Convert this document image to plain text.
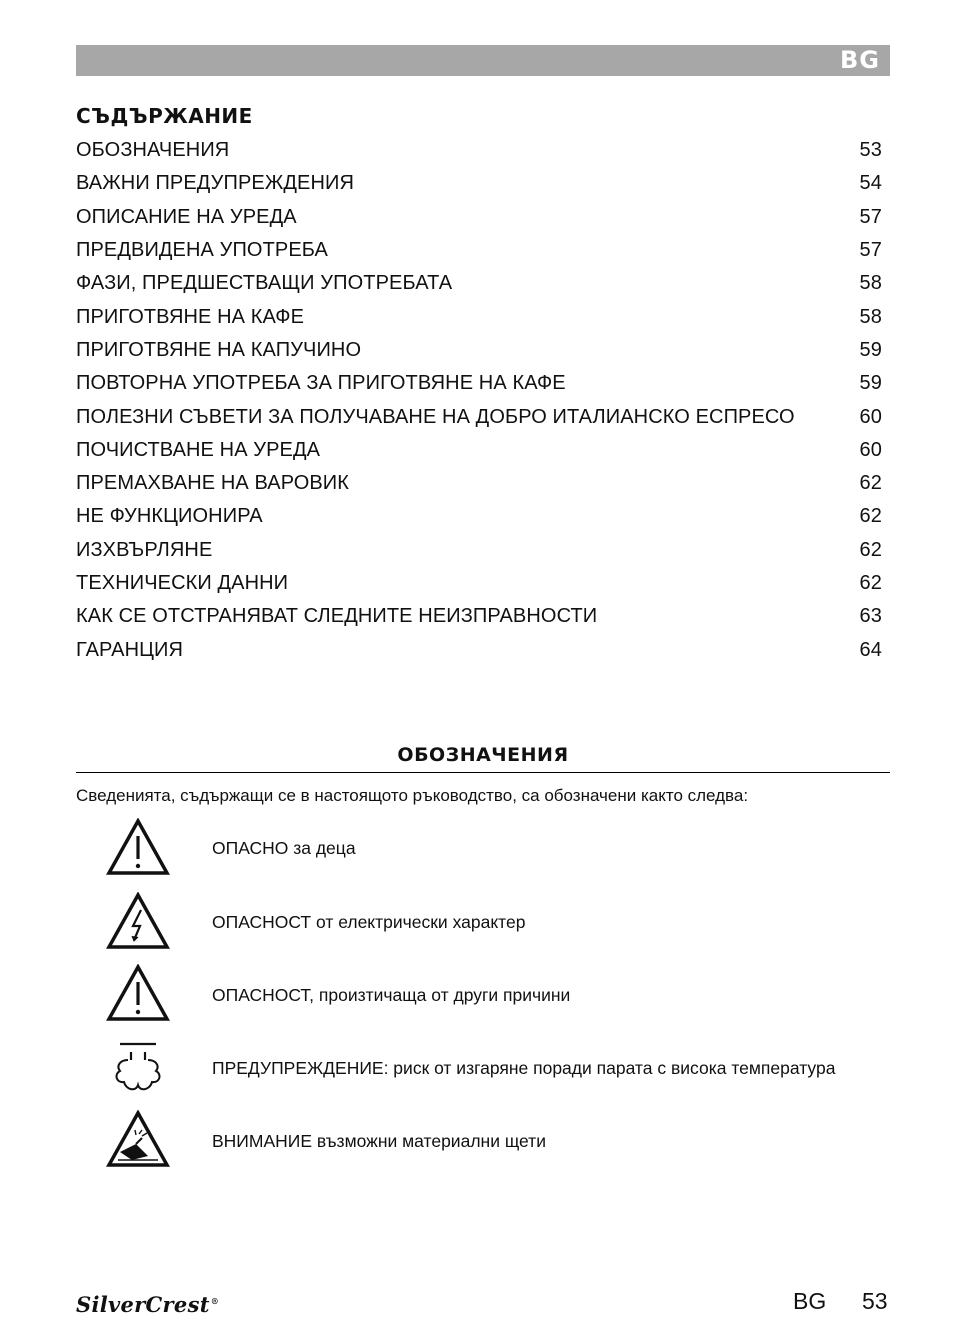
BG
СЪДЪРЖАНИЕ
ОБОЗНАЧЕНИЯ	53
ВАЖНИ ПРЕДУПРЕЖДЕНИЯ	54
ОПИСАНИЕ НА УРЕДА	57
ПРЕДВИДЕНА УПОТРЕБА	57
ФАЗИ, ПРЕДШЕСТВАЩИ УПОТРЕБАТА	58
ПРИГОТВЯНЕ НА КАФЕ	58
ПРИГОТВЯНЕ НА КАПУЧИНО	59
ПОВТОРНА УПОТРЕБА ЗА ПРИГОТВЯНЕ НА КАФЕ	59
ПОЛЕЗНИ СЪВЕТИ ЗА ПОЛУЧАВАНЕ НА ДОБРО ИТАЛИАНСКО ЕСПРЕСО	60
ПОЧИСТВАНЕ НА УРЕДА	60
ПРЕМАХВАНЕ НА ВАРОВИК	62
НЕ ФУНКЦИОНИРА	62
ИЗХВЪРЛЯНЕ	62
ТЕХНИЧЕСКИ ДАННИ	62
КАК СЕ ОТСТРАНЯВАТ СЛЕДНИТЕ НЕИЗПРАВНОСТИ	63
ГАРАНЦИЯ	64
ОБОЗНАЧЕНИЯ
Сведенията, съдържащи се в настоящото ръководство, са обозначени както следва:
ОПАСНО за деца
ОПАСНОСТ от електрически характер
ОПАСНОСТ, произтичаща от други причини
ПРЕДУПРЕЖДЕНИЕ: риск от изгаряне поради парата с висока температура
ВНИМАНИЕ възможни материални щети
SilverCrest®	BG 53
